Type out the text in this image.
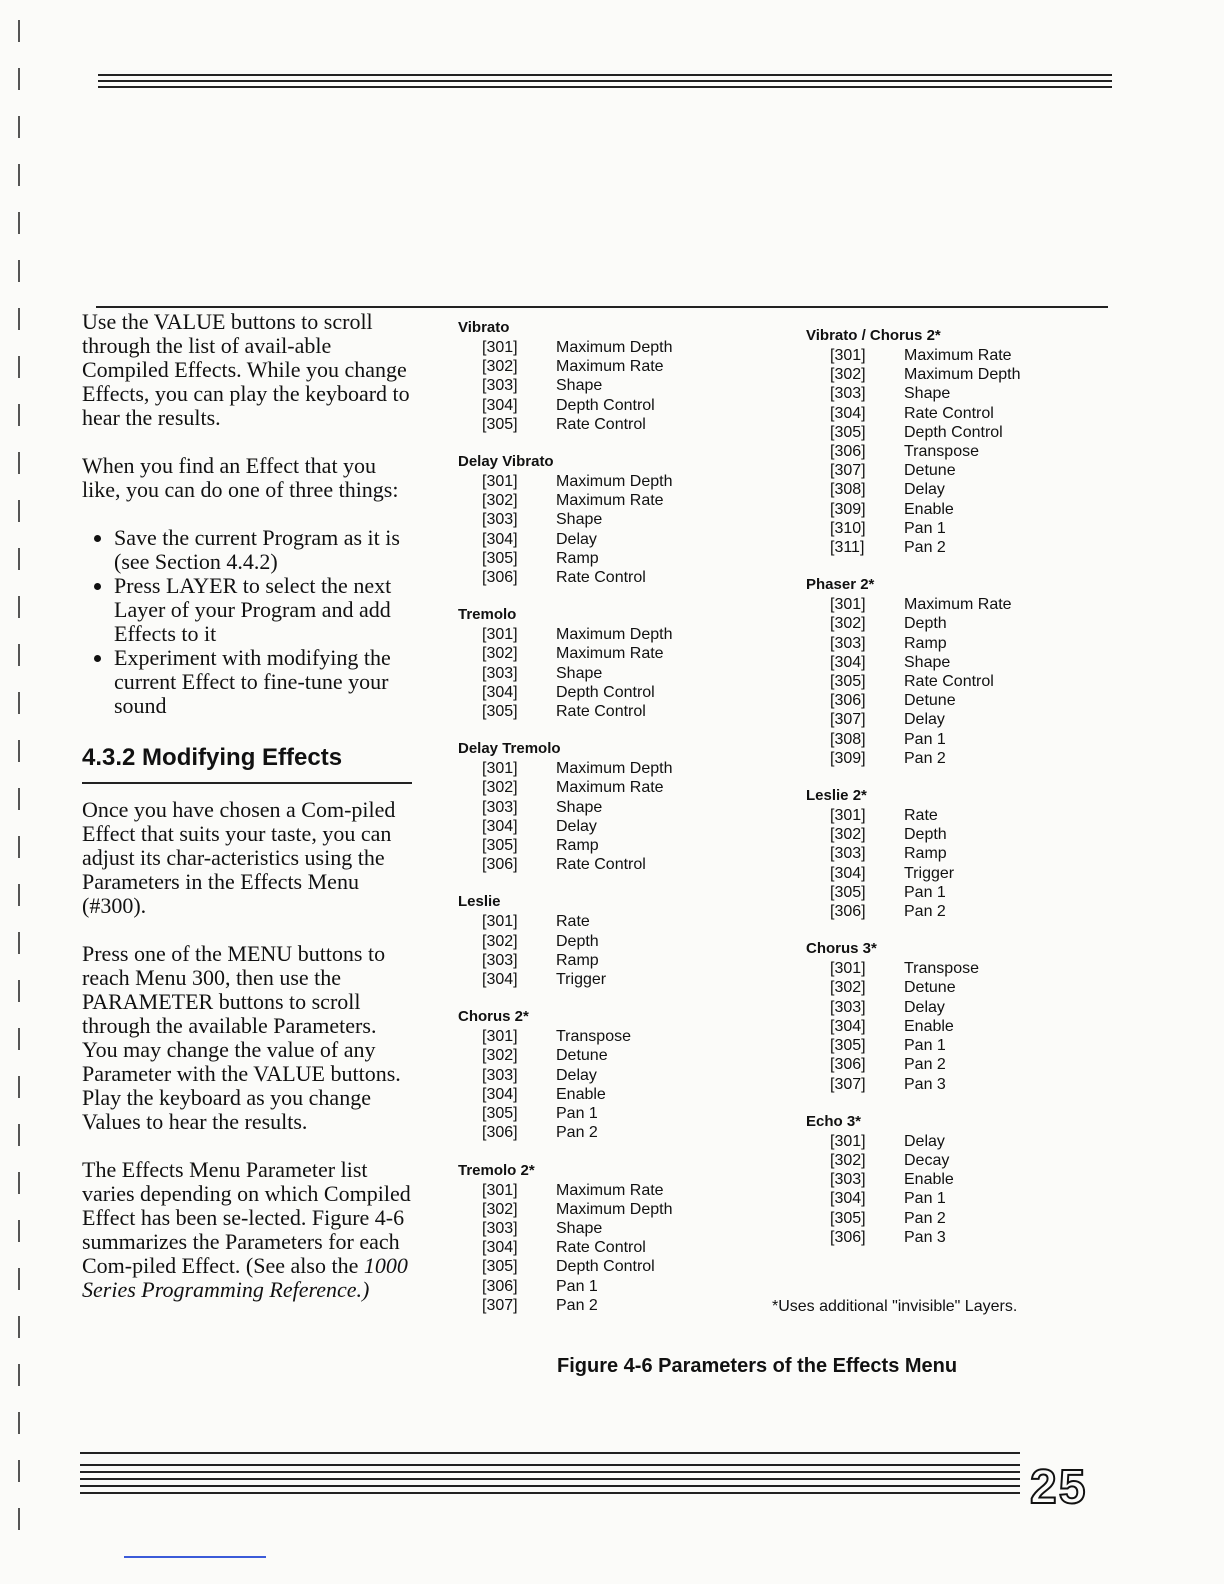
Use the VALUE buttons to scroll through the list of avail-able Compiled Effects. While you change Effects, you can play the keyboard to hear the results.

When you find an Effect that you like, you can do one of three things:

• Save the current Program as it is (see Section 4.4.2)
• Press LAYER to select the next Layer of your Program and add Effects to it
• Experiment with modifying the current Effect to fine-tune your sound
4.3.2 Modifying Effects

Once you have chosen a Com-piled Effect that suits your taste, you can adjust its char-acteristics using the Parameters in the Effects Menu (#300).

Press one of the MENU buttons to reach Menu 300, then use the PARAMETER buttons to scroll through the available Parameters. You may change the value of any Parameter with the VALUE buttons. Play the keyboard as you change Values to hear the results.

The Effects Menu Parameter list varies depending on which Compiled Effect has been se-lected. Figure 4-6 summarizes the Parameters for each Com-piled Effect. (See also the 1000 Series Programming Reference.)

Vibrato
[301]	Maximum Depth
[302]	Maximum Rate
[303]	Shape
[304]	Depth Control
[305]	Rate Control
Delay Vibrato
[301]	Maximum Depth
[302]	Maximum Rate
[303]	Shape
[304]	Delay
[305]	Ramp
[306]	Rate Control
Tremolo
[301]	Maximum Depth
[302]	Maximum Rate
[303]	Shape
[304]	Depth Control
[305]	Rate Control
Delay Tremolo
[301]	Maximum Depth
[302]	Maximum Rate
[303]	Shape
[304]	Delay
[305]	Ramp
[306]	Rate Control
Leslie
[301]	Rate
[302]	Depth
[303]	Ramp
[304]	Trigger
Chorus 2*
[301]	Transpose
[302]	Detune
[303]	Delay
[304]	Enable
[305]	Pan 1
[306]	Pan 2
Tremolo 2*
[301]	Maximum Rate
[302]	Maximum Depth
[303]	Shape
[304]	Rate Control
[305]	Depth Control
[306]	Pan 1
[307]	Pan 2
Vibrato / Chorus 2*
[301]	Maximum Rate
[302]	Maximum Depth
[303]	Shape
[304]	Rate Control
[305]	Depth Control
[306]	Transpose
[307]	Detune
[308]	Delay
[309]	Enable
[310]	Pan 1
[311]	Pan 2
Phaser 2*
[301]	Maximum Rate
[302]	Depth
[303]	Ramp
[304]	Shape
[305]	Rate Control
[306]	Detune
[307]	Delay
[308]	Pan 1
[309]	Pan 2
Leslie 2*
[301]	Rate
[302]	Depth
[303]	Ramp
[304]	Trigger
[305]	Pan 1
[306]	Pan 2
Chorus 3*
[301]	Transpose
[302]	Detune
[303]	Delay
[304]	Enable
[305]	Pan 1
[306]	Pan 2
[307]	Pan 3
Echo 3*
[301]	Delay
[302]	Decay
[303]	Enable
[304]	Pan 1
[305]	Pan 2
[306]	Pan 3
*Uses additional "invisible" Layers.
Figure 4-6 Parameters of the Effects Menu
25
